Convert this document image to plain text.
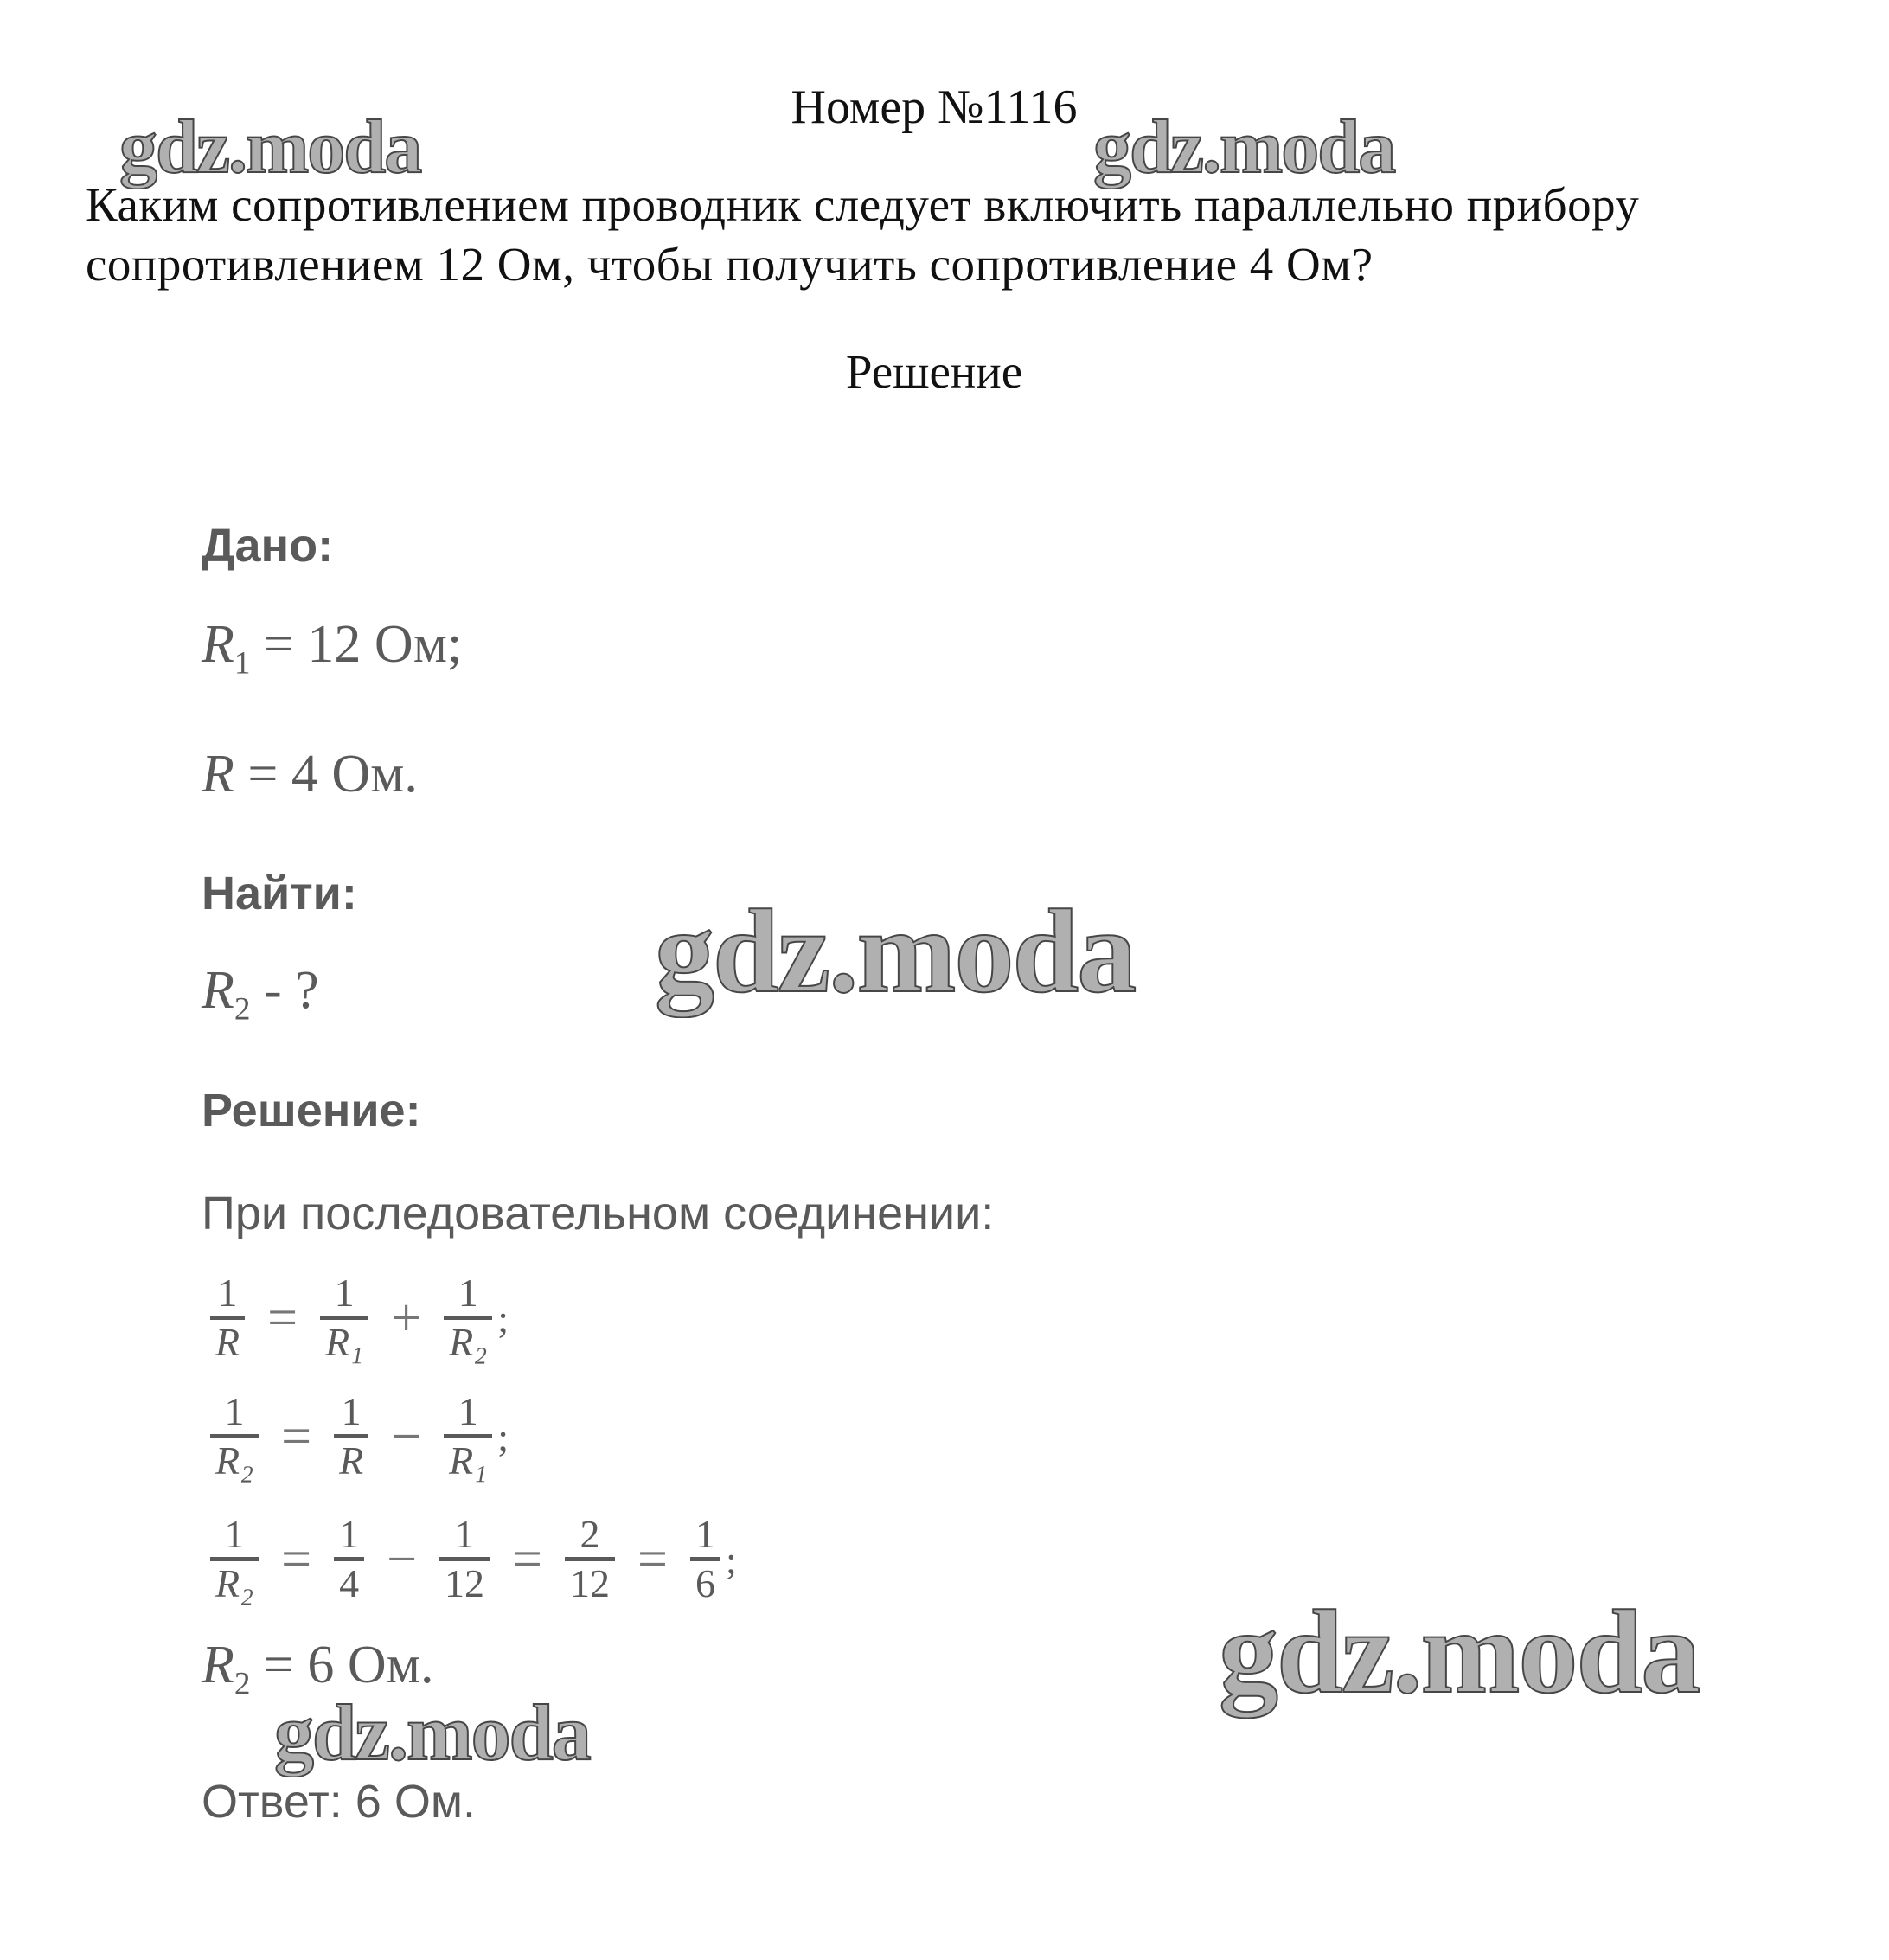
Номер №1116
Каким сопротивлением проводник следует включить параллельно прибору
сопротивлением 12 Ом, чтобы получить сопротивление 4 Ом?
Решение
Дано:
$R_1 = 12$ Ом;
R = 4 Ом.
Найти:
$R_2$ - ?
Решение:
При последовательном соединении:
$\frac{1}{R} = \frac{1}{\text{R₁}} + \frac{1}{\text{R₂}}$ ;
$\frac{1}{\text{R₂}} = \frac{1}{R} - \frac{1}{\text{R₁}}$ ;
$\frac{1}{\text{R₂}} = \frac{1}{4} - \frac{1}{12} = \frac{2}{12} = \frac{1}{6}$ ;
$R_2 = 6$ Ом.
Ответ: 6 Ом.
gdz.moda	gdz.moda
gdz.moda
gdz.moda
gdz.moda
